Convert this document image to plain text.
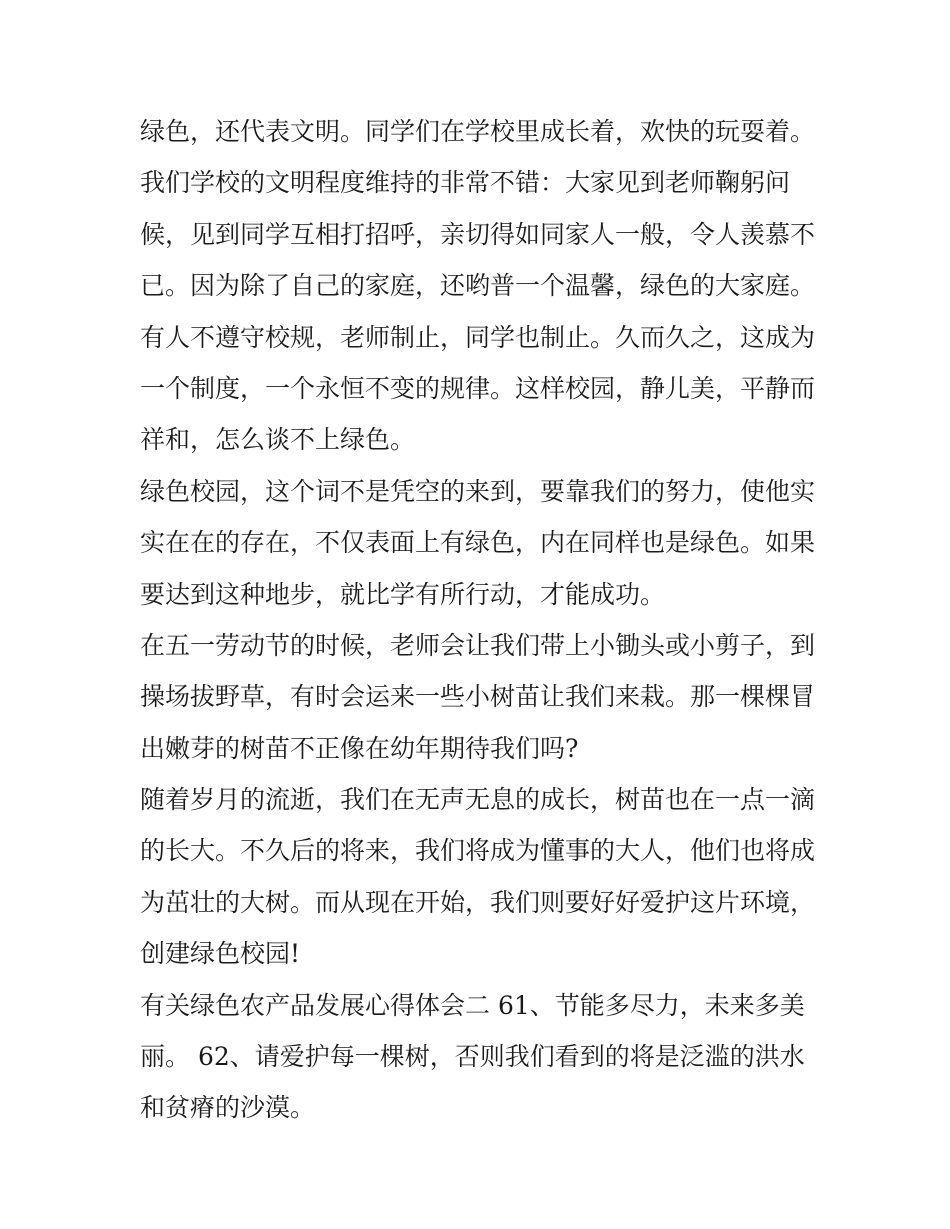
绿色，还代表文明。同学们在学校里成长着，欢快的玩耍着。
我们学校的文明程度维持的非常不错：大家见到老师鞠躬问
候，见到同学互相打招呼，亲切得如同家人一般，令人羡慕不
已。因为除了自己的家庭，还哟普一个温馨，绿色的大家庭。
有人不遵守校规，老师制止，同学也制止。久而久之，这成为
一个制度，一个永恒不变的规律。这样校园，静儿美，平静而
祥和，怎么谈不上绿色。
绿色校园，这个词不是凭空的来到，要靠我们的努力，使他实
实在在的存在，不仅表面上有绿色，内在同样也是绿色。如果
要达到这种地步，就比学有所行动，才能成功。
在五一劳动节的时候，老师会让我们带上小锄头或小剪子，到
操场拔野草，有时会运来一些小树苗让我们来栽。那一棵棵冒
出嫩芽的树苗不正像在幼年期待我们吗?
随着岁月的流逝，我们在无声无息的成长，树苗也在一点一滴
的长大。不久后的将来，我们将成为懂事的大人，他们也将成
为茁壮的大树。而从现在开始，我们则要好好爱护这片环境，
创建绿色校园!
有关绿色农产品发展心得体会二 61、节能多尽力，未来多美
丽。 62、请爱护每一棵树，否则我们看到的将是泛滥的洪水
和贫瘠的沙漠。
